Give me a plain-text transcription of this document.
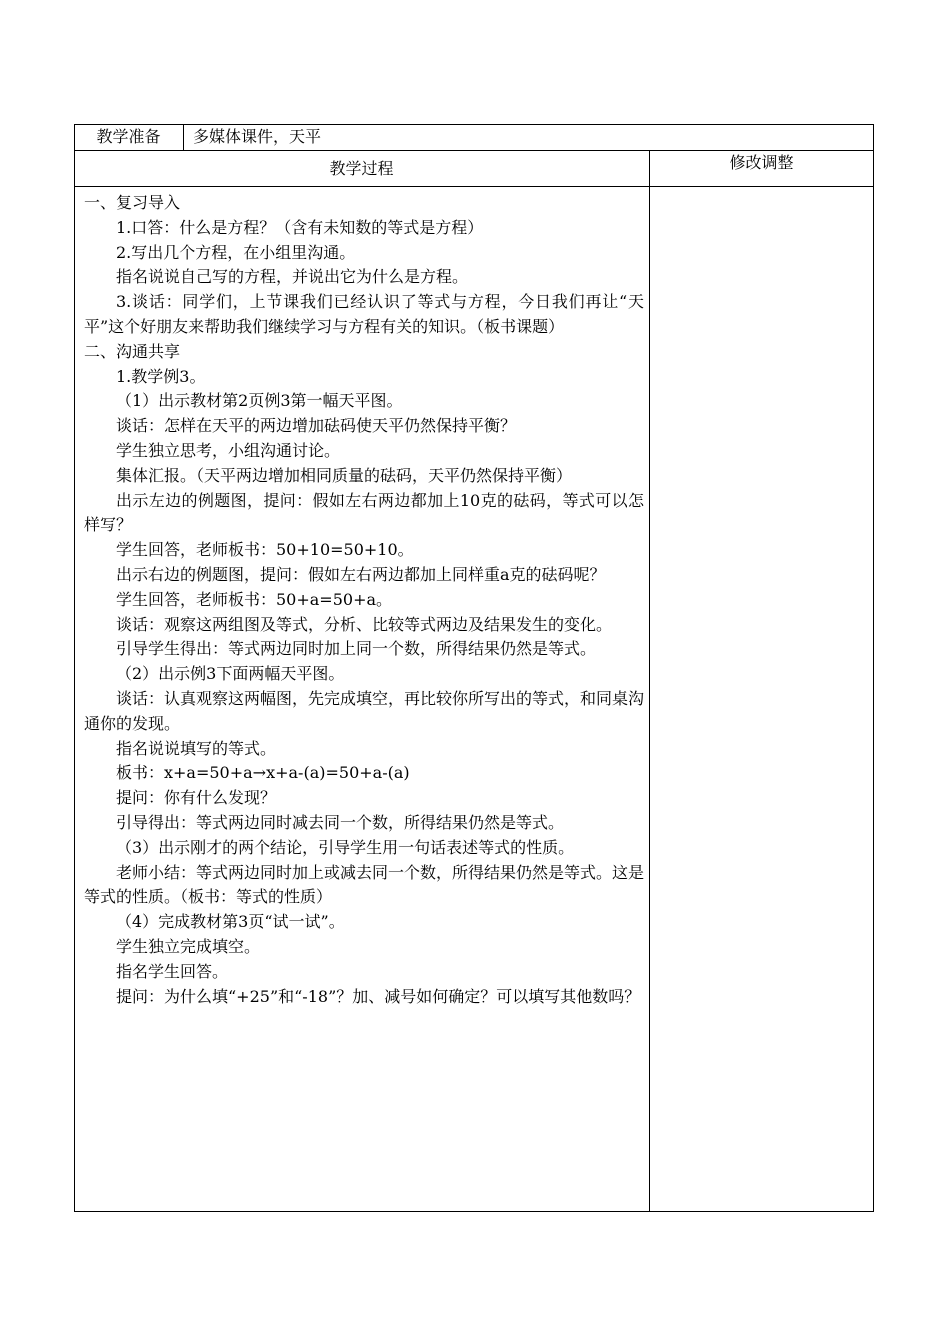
教学准备	多媒体课件，天平
教学过程	修改调整

一、复习导入

1.口答：什么是方程？（含有未知数的等式是方程）

2.写出几个方程，在小组里沟通。

指名说说自己写的方程，并说出它为什么是方程。

3.谈话：同学们，上节课我们已经认识了等式与方程，今日我们再让“天平”这个好朋友来帮助我们继续学习与方程有关的知识。（板书课题）

二、沟通共享

1.教学例3。

（1）出示教材第2页例3第一幅天平图。

谈话：怎样在天平的两边增加砝码使天平仍然保持平衡？

学生独立思考，小组沟通讨论。

集体汇报。（天平两边增加相同质量的砝码，天平仍然保持平衡）

出示左边的例题图，提问：假如左右两边都加上10克的砝码，等式可以怎样写？

学生回答，老师板书：50+10=50+10。

出示右边的例题图，提问：假如左右两边都加上同样重a克的砝码呢？

学生回答，老师板书：50+a=50+a。

谈话：观察这两组图及等式，分析、比较等式两边及结果发生的变化。

引导学生得出：等式两边同时加上同一个数，所得结果仍然是等式。

（2）出示例3下面两幅天平图。

谈话：认真观察这两幅图，先完成填空，再比较你所写出的等式，和同桌沟通你的发现。

指名说说填写的等式。

板书：x+a=50+a→x+a-(a)=50+a-(a)

提问：你有什么发现？

引导得出：等式两边同时减去同一个数，所得结果仍然是等式。

（3）出示刚才的两个结论，引导学生用一句话表述等式的性质。

老师小结：等式两边同时加上或减去同一个数，所得结果仍然是等式。这是等式的性质。（板书：等式的性质）

（4）完成教材第3页“试一试”。

学生独立完成填空。

指名学生回答。

提问：为什么填“+25”和“-18”？加、减号如何确定？可以填写其他数吗？
